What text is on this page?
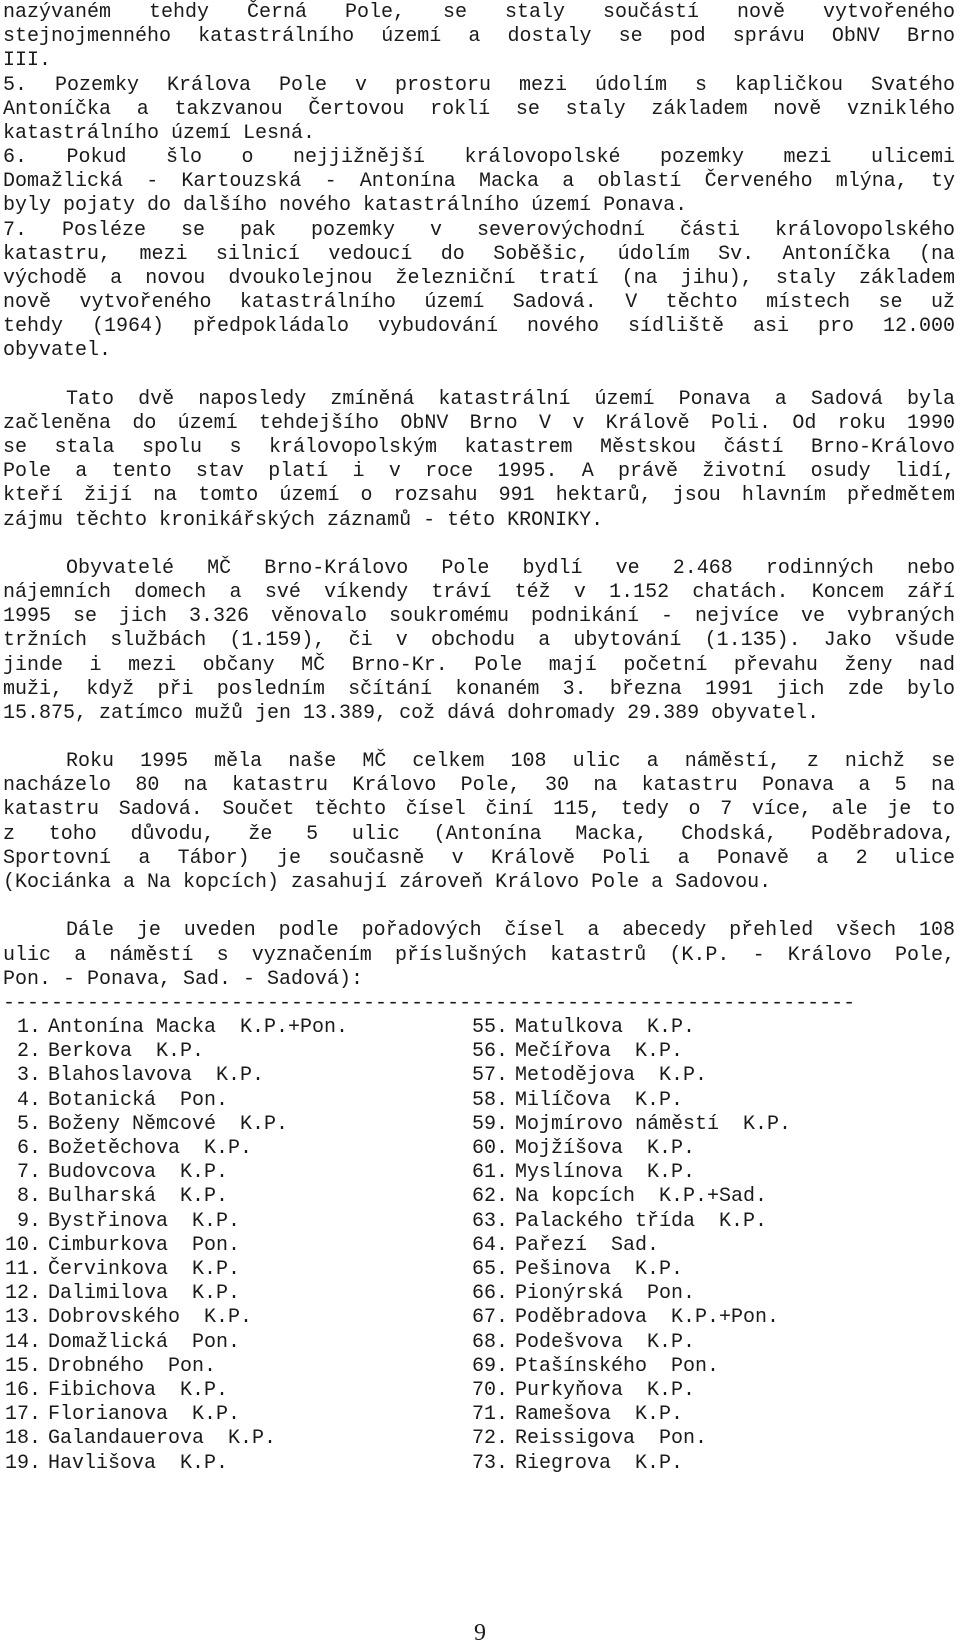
nazývaném tehdy Černá Pole, se staly součástí nově vytvořeného
stejnojmenného katastrálního území a dostaly se pod správu ObNV Brno
III.
5. Pozemky Králova Pole v prostoru mezi údolím s kapličkou Svatého
Antoníčka a takzvanou Čertovou roklí se staly základem nově vzniklého
katastrálního území Lesná.
6. Pokud šlo o nejjižnější královopolské pozemky mezi ulicemi
Domažlická - Kartouzská - Antonína Macka a oblastí Červeného mlýna, ty
byly pojaty do dalšího nového katastrálního území Ponava.
7. Posléze se pak pozemky v severovýchodní části královopolského
katastru, mezi silnicí vedoucí do Soběšic, údolím Sv. Antoníčka (na
východě a novou dvoukolejnou železniční tratí (na jihu), staly základem
nově vytvořeného katastrálního území Sadová. V těchto místech se už
tehdy (1964) předpokládalo vybudování nového sídliště asi pro 12.000
obyvatel.
Tato dvě naposledy zmíněná katastrální území Ponava a Sadová byla
začleněna do území tehdejšího ObNV Brno V v Králově Poli. Od roku 1990
se stala spolu s královopolským katastrem Městskou částí Brno-Královo
Pole a tento stav platí i v roce 1995. A právě životní osudy lidí,
kteří žijí na tomto území o rozsahu 991 hektarů, jsou hlavním předmětem
zájmu těchto kronikářských záznamů - této KRONIKY.
Obyvatelé MČ Brno-Královo Pole bydlí ve 2.468 rodinných nebo
nájemních domech a své víkendy tráví též v 1.152 chatách. Koncem září
1995 se jich 3.326 věnovalo soukromému podnikání - nejvíce ve vybraných
tržních službách (1.159), či v obchodu a ubytování (1.135). Jako všude
jinde i mezi občany MČ Brno-Kr. Pole mají početní převahu ženy nad
muži, když při posledním sčítání konaném 3. března 1991 jich zde bylo
15.875, zatímco mužů jen 13.389, což dává dohromady 29.389 obyvatel.
Roku 1995 měla naše MČ celkem 108 ulic a náměstí, z nichž se
nacházelo 80 na katastru Královo Pole, 30 na katastru Ponava a 5 na
katastru Sadová. Součet těchto čísel činí 115, tedy o 7 více, ale je to
z toho důvodu, že 5 ulic (Antonína Macka, Chodská, Poděbradova,
Sportovní a Tábor) je současně v Králově Poli a Ponavě a 2 ulice
(Kociánka a Na kopcích) zasahují zároveň Královo Pole a Sadovou.
Dále je uveden podle pořadových čísel a abecedy přehled všech 108
ulic a náměstí s vyznačením příslušných katastrů (K.P. - Královo Pole,
Pon. - Ponava, Sad. - Sadová):
-----------------------------------------------------------------------
1. Antonína Macka  K.P.+Pon.
2. Berkova  K.P.
3. Blahoslavova  K.P.
4. Botanická  Pon.
5. Boženy Němcové  K.P.
6. Božetěchova  K.P.
7. Budovcova  K.P.
8. Bulharská  K.P.
9. Bystřinova  K.P.
10. Cimburkova  Pon.
11. Červinkova  K.P.
12. Dalimilova  K.P.
13. Dobrovského  K.P.
14. Domažlická  Pon.
15. Drobného  Pon.
16. Fibichova  K.P.
17. Florianova  K.P.
18. Galandauerova  K.P.
19. Havlišova  K.P.
55. Matulkova  K.P.
56. Mečířova  K.P.
57. Metodějova  K.P.
58. Milíčova  K.P.
59. Mojmírovo náměstí  K.P.
60. Mojžíšova  K.P.
61. Myslínova  K.P.
62. Na kopcích  K.P.+Sad.
63. Palackého třída  K.P.
64. Pařezí  Sad.
65. Pešinova  K.P.
66. Pionýrská  Pon.
67. Poděbradova  K.P.+Pon.
68. Podešvova  K.P.
69. Ptašínského  Pon.
70. Purkyňova  K.P.
71. Ramešova  K.P.
72. Reissigova  Pon.
73. Riegrova  K.P.
9
